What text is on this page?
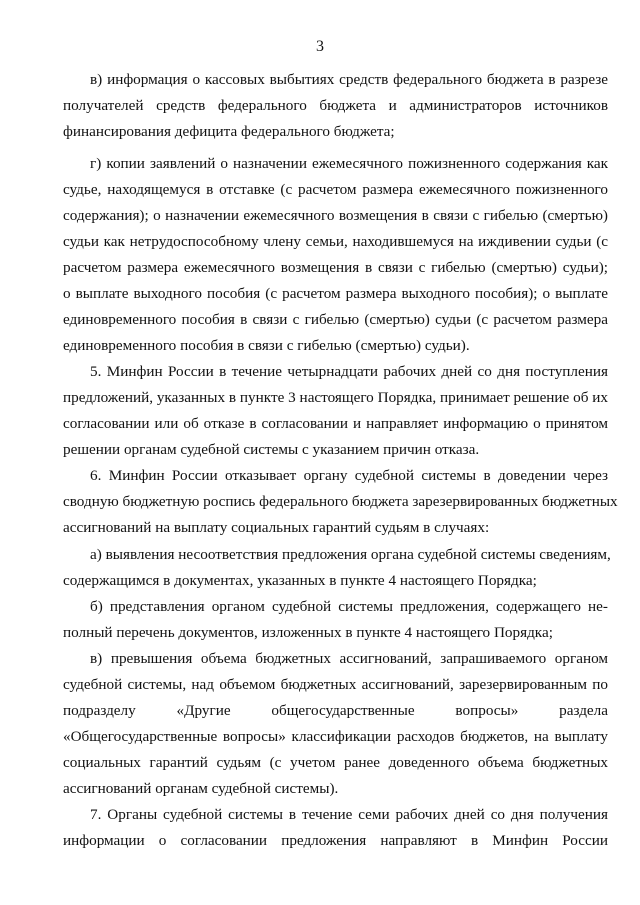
3
в) информация о кассовых выбытиях средств федерального бюджета в разрезе
получателей средств федерального бюджета и администраторов источников
финансирования дефицита федерального бюджета;
г) копии заявлений о назначении ежемесячного пожизненного содержания как
судье, находящемуся в отставке (с расчетом размера ежемесячного пожизненного
содержания); о назначении ежемесячного возмещения в связи с гибелью (смертью)
судьи как нетрудоспособному члену семьи, находившемуся на иждивении судьи (с
расчетом размера ежемесячного возмещения в связи с гибелью (смертью) судьи);
о выплате выходного пособия (с расчетом размера выходного пособия); о выплате
единовременного пособия в связи с гибелью (смертью) судьи (с расчетом размера
единовременного пособия в связи с гибелью (смертью) судьи).
5. Минфин России в течение четырнадцати рабочих дней со дня поступления
предложений, указанных в пункте 3 настоящего Порядка, принимает решение об их
согласовании или об отказе в согласовании и направляет информацию о принятом
решении органам судебной системы с указанием причин отказа.
6. Минфин России отказывает органу судебной системы в доведении через
сводную бюджетную роспись федерального бюджета зарезервированных бюджетных
ассигнований на выплату социальных гарантий судьям в случаях:
а) выявления несоответствия предложения органа судебной системы сведениям,
содержащимся в документах, указанных в пункте 4 настоящего Порядка;
б) представления органом судебной системы предложения, содержащего не-
полный перечень документов, изложенных в пункте 4 настоящего Порядка;
в) превышения объема бюджетных ассигнований, запрашиваемого органом
судебной системы, над объемом бюджетных ассигнований, зарезервированным по
подразделу «Другие общегосударственные вопросы» раздела
«Общегосударственные вопросы» классификации расходов бюджетов, на выплату
социальных гарантий судьям (с учетом ранее доведенного объема бюджетных
ассигнований органам судебной системы).
7. Органы судебной системы в течение семи рабочих дней со дня получения
информации о согласовании предложения направляют в Минфин России
